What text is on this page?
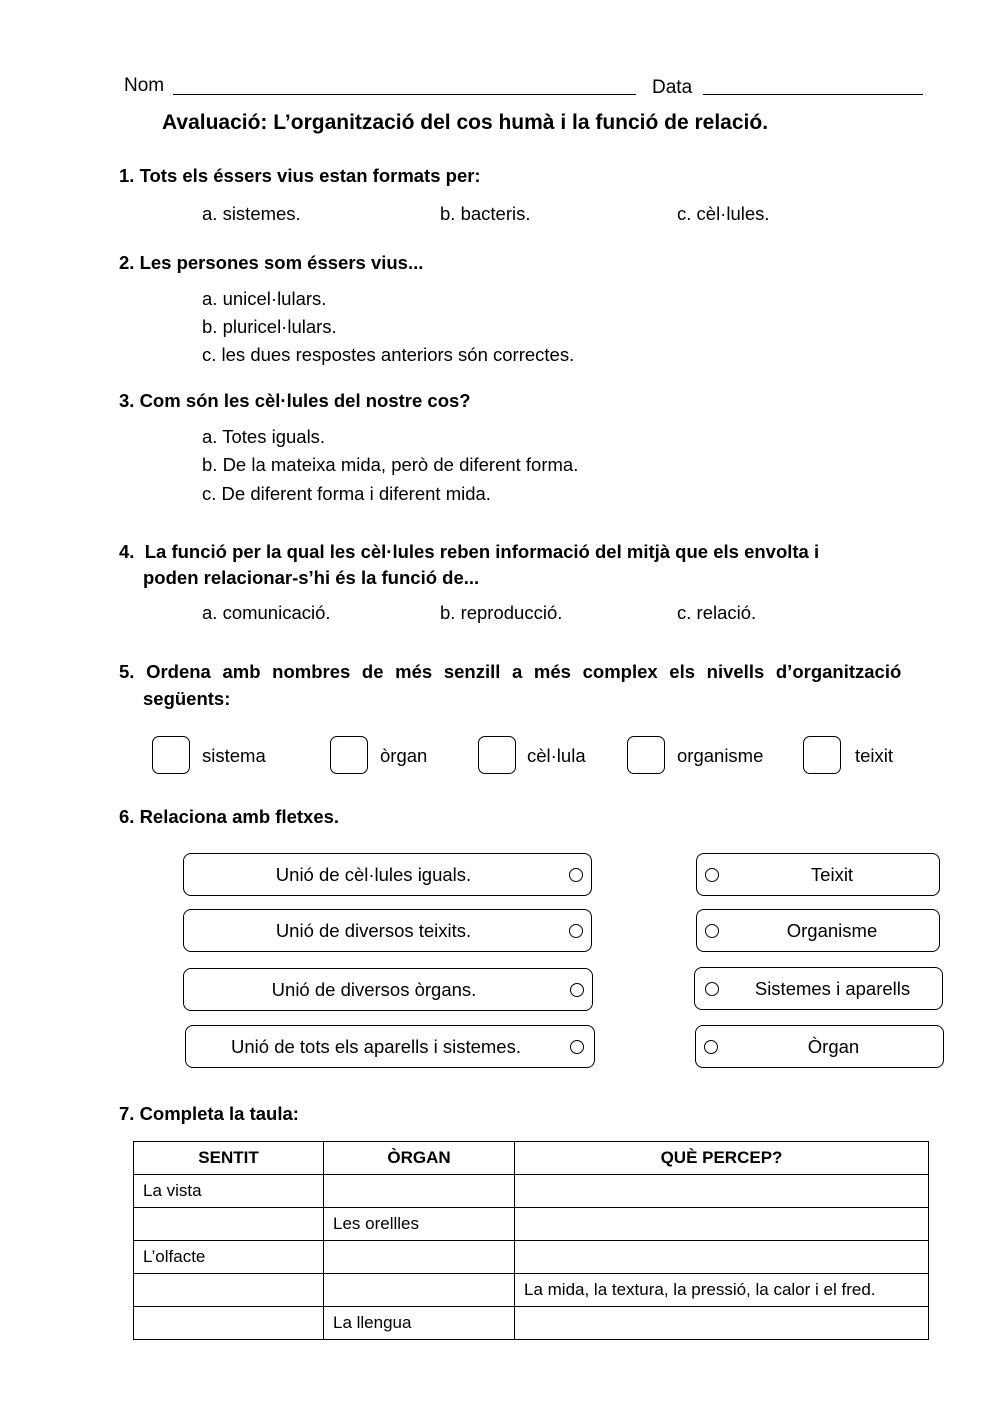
Nom	Data
Avaluació: L’organització del cos humà i la funció de relació.
1. Tots els éssers vius estan formats per:
a. sistemes.	b. bacteris.	c. cèl·lules.
2. Les persones som éssers vius...
a. unicel·lulars.
b. pluricel·lulars.
c. les dues respostes anteriors són correctes.
3. Com són les cèl·lules del nostre cos?
a. Totes iguals.
b. De la mateixa mida, però de diferent forma.
c. De diferent forma i diferent mida.
4.  La funció per la qual les cèl·lules reben informació del mitjà que els envolta i
poden relacionar-s’hi és la funció de...
a. comunicació.	b. reproducció.	c. relació.
5. Ordena amb nombres de més senzill a més complex els nivells d’organització
següents:
sistema	òrgan	cèl·lula	organisme	teixit
6. Relaciona amb fletxes.
Unió de cèl·lules iguals.
Unió de diversos teixits.
Unió de diversos òrgans.
Unió de tots els aparells i sistemes.
Teixit
Organisme
Sistemes i aparells
Òrgan
7. Completa la taula:
SENTIT	ÒRGAN	QUÈ PERCEP?
La vista		
	Les orellles	
L’olfacte		
		La mida, la textura, la pressió, la calor i el fred.
	La llengua	
